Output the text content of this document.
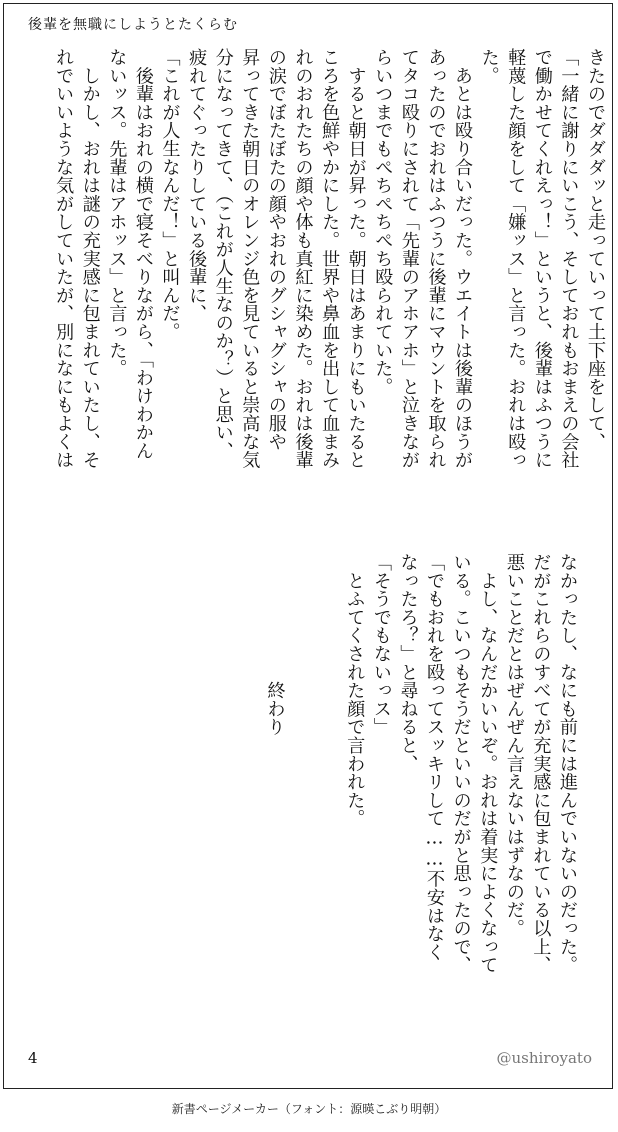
後輩を無職にしようとたくらむ
きたのでダダダッと走っていって土下座をして、
「一緒に謝りにいこう、そしておれもおまえの会社
で働かせてくれえっ！」というと、後輩はふつうに
軽蔑した顔をして「嫌ッス」と言った。おれは殴っ
た。
　あとは殴り合いだった。ウエイトは後輩のほうが
あったのでおれはふつうに後輩にマウントを取られ
てタコ殴りにされて「先輩のアホアホ」と泣きなが
らいつまでもぺちぺちぺち殴られていた。
　すると朝日が昇った。朝日はあまりにもいたると
ころを色鮮やかにした。世界や鼻血を出して血まみ
れのおれたちの顔や体も真紅に染めた。おれは後輩
の涙でぼたぼたの顔やおれのグシャグシャの服や
昇ってきた朝日のオレンジ色を見ていると崇高な気
分になってきて、（これが人生なのか？）と思い、
疲れてぐったりしている後輩に、
「これが人生なんだ！」と叫んだ。
　後輩はおれの横で寝そべりながら、「わけわかん
ないッス。先輩はアホッス」と言った。
　しかし、おれは謎の充実感に包まれていたし、そ
れでいいような気がしていたが、別になにもよくは
なかったし、なにも前には進んでいないのだった。
だがこれらのすべてが充実感に包まれている以上、
悪いことだとはぜんぜん言えないはずなのだ。
　よし、なんだかいいぞ。おれは着実によくなって
いる。こいつもそうだといいのだがと思ったので、
「でもおれを殴ってスッキリして……不安はなく
なったろ？」と尋ねると、
「そうでもないっス」
　とふてくされた顔で言われた。

　　　　　　　終わり
4	@ushiroyato
新書ページメーカー（フォント：源暎こぶり明朝）
